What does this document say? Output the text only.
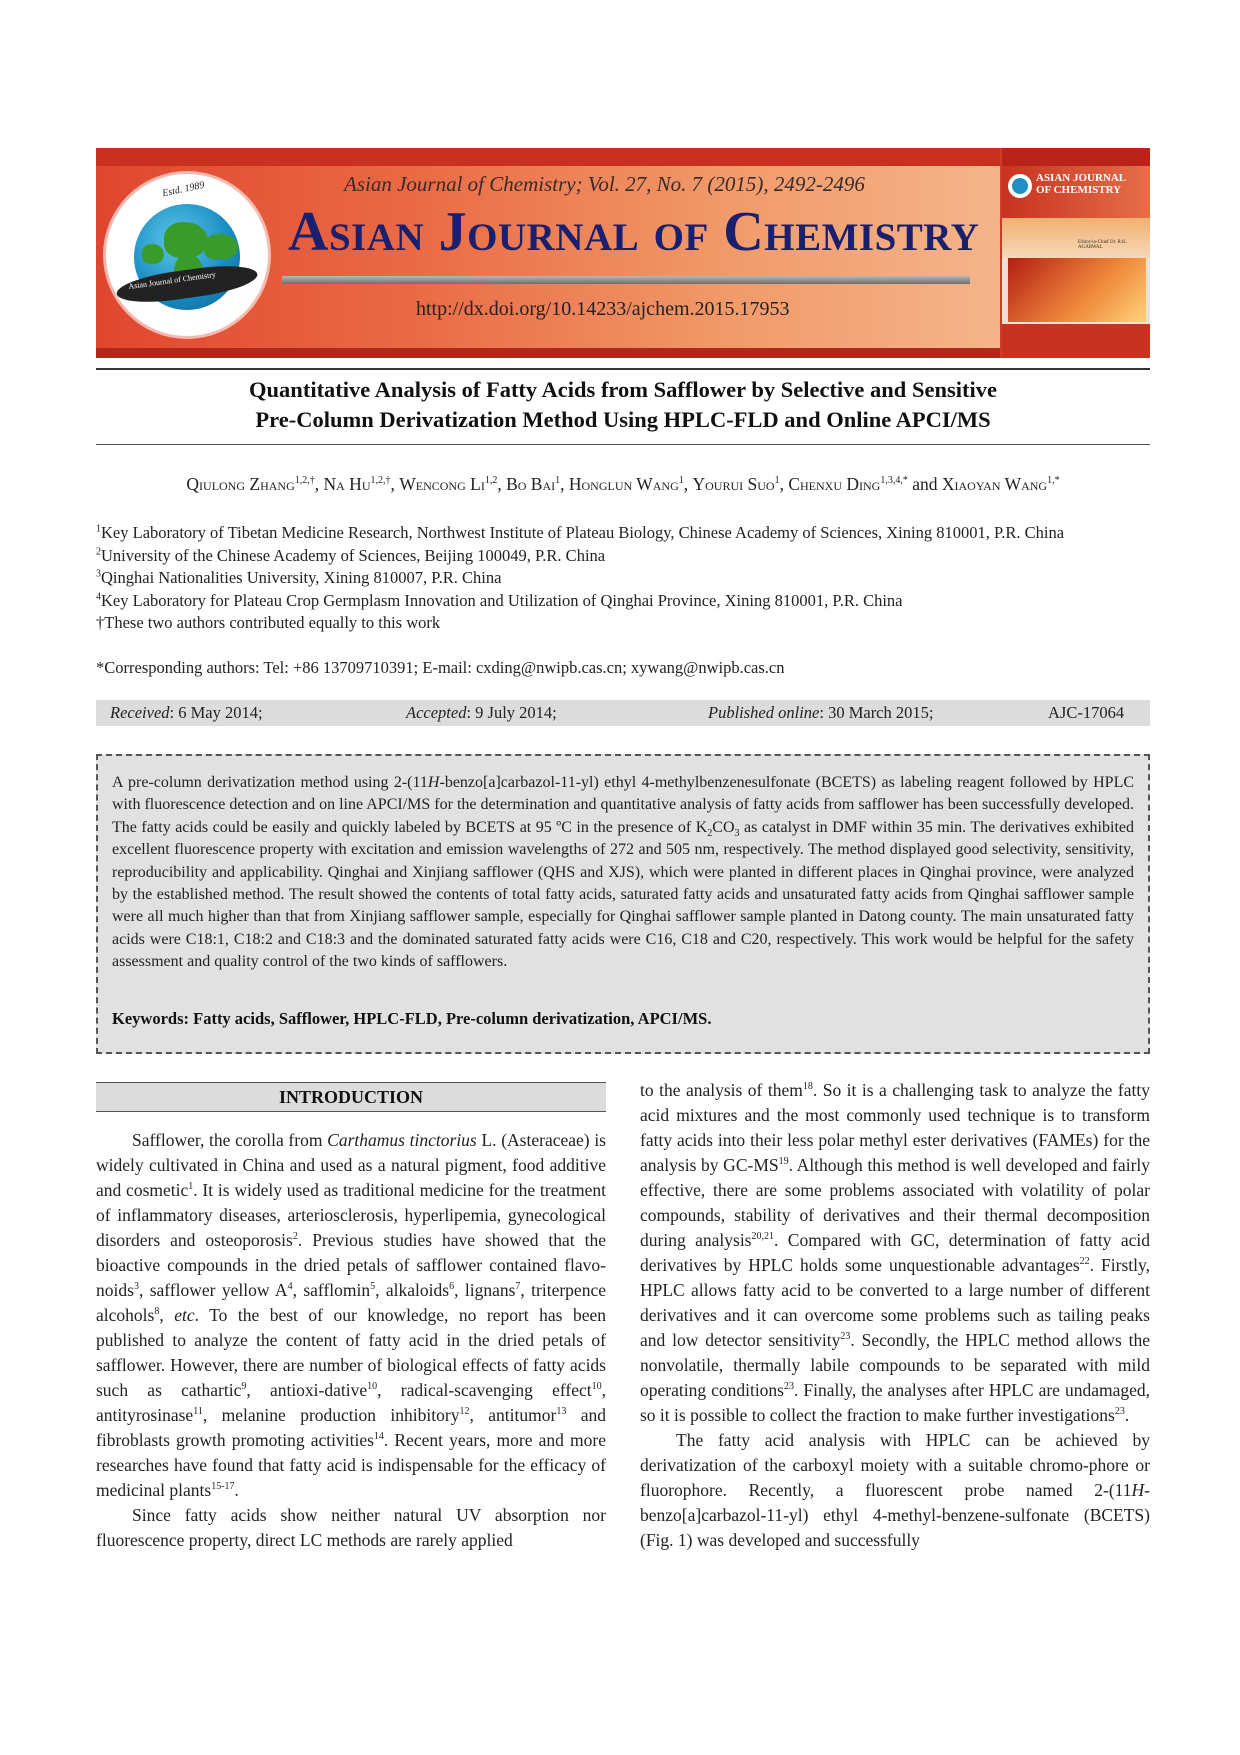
Estd. 1989
Asian Journal of Chemistry
Asian Journal of Chemistry; Vol. 27, No. 7 (2015), 2492-2496
Asian Journal of Chemistry
http://dx.doi.org/10.14233/ajchem.2015.17953
ASIAN JOURNAL
OF CHEMISTRY
Editor-in-Chief Dr. R.K. AGARWAL
Quantitative Analysis of Fatty Acids from Safflower by Selective and Sensitive
Pre-Column Derivatization Method Using HPLC-FLD and Online APCI/MS
Qiulong Zhang$^{1,2,\dagger}$, Na $Hu^{1,2,\dagger}$, Wencong Li$^{1,2}$, Bo Bai$^1$, Honglun Wang$^1$, Yourui Suo$^1$, Chenxu Ding$^{1,3,4,*}$ and Xiaoyan Wang$^{1,*}$
$^1$Key Laboratory of Tibetan Medicine Research, Northwest Institute of Plateau Biology, Chinese Academy of Sciences, Xining 810001, P.R. China
$^2$University of the Chinese Academy of Sciences, Beijing 100049, P.R. China
$^3$Qinghai Nationalities University, Xining 810007, P.R. China
$^4$Key Laboratory for Plateau Crop Germplasm Innovation and Utilization of Qinghai Province, Xining 810001, P.R. China
†These two authors contributed equally to this work
*Corresponding authors: Tel: +86 13709710391; E-mail: cxding@nwipb.cas.cn; xywang@nwipb.cas.cn
Received: 6 May 2014;	Accepted: 9 July 2014;	Published online: 30 March 2015;	AJC-17064
A pre-column derivatization method using 2-(11H-benzo[a]carbazol-11-yl) ethyl 4-methylbenzenesulfonate (BCETS) as labeling reagent followed by HPLC with fluorescence detection and on line APCI/MS for the determination and quantitative analysis of fatty acids from safflower has been successfully developed. The fatty acids could be easily and quickly labeled by BCETS at 95 ºC in the presence of $K_2CO_3$ as catalyst in DMF within 35 min. The derivatives exhibited excellent fluorescence property with excitation and emission wavelengths of 272 and 505 nm, respectively. The method displayed good selectivity, sensitivity, reproducibility and applicability. Qinghai and Xinjiang safflower (QHS and XJS), which were planted in different places in Qinghai province, were analyzed by the established method. The result showed the contents of total fatty acids, saturated fatty acids and unsaturated fatty acids from Qinghai safflower sample were all much higher than that from Xinjiang safflower sample, especially for Qinghai safflower sample planted in Datong county. The main unsaturated fatty acids were C18:1, C18:2 and C18:3 and the dominated saturated fatty acids were C16, C18 and C20, respectively. This work would be helpful for the safety assessment and quality control of the two kinds of safflowers.
Keywords: Fatty acids, Safflower, HPLC-FLD, Pre-column derivatization, APCI/MS.
INTRODUCTION

Safflower, the corolla from Carthamus tinctorius L. (Asteraceae) is widely cultivated in China and used as a natural pigment, food additive and cosmetic$^1$. It is widely used as traditional medicine for the treatment of inflammatory diseases, arteriosclerosis, hyperlipemia, gynecological disorders and osteoporosis$^2$. Previous studies have showed that the bioactive compounds in the dried petals of safflower contained flavo-noids$^3$, safflower yellow $A^4$, safflomin$^5$, alkaloids$^6$, lignans$^7$, triterpence alcohols$^8$, etc. To the best of our knowledge, no report has been published to analyze the content of fatty acid in the dried petals of safflower. However, there are number of biological effects of fatty acids such as cathartic$^9$, antioxi-dative$^{10}$, radical-scavenging effect$^{10}$, antityrosinase$^{11}$, melanine production inhibitory$^{12}$, antitumor$^{13}$ and fibroblasts growth promoting activities$^{14}$. Recent years, more and more researches have found that fatty acid is indispensable for the efficacy of medicinal plants$^{15-17}$.

Since fatty acids show neither natural UV absorption nor fluorescence property, direct LC methods are rarely applied

to the analysis of them$^{18}$. So it is a challenging task to analyze the fatty acid mixtures and the most commonly used technique is to transform fatty acids into their less polar methyl ester derivatives (FAMEs) for the analysis by GC-MS$^{19}$. Although this method is well developed and fairly effective, there are some problems associated with volatility of polar compounds, stability of derivatives and their thermal decomposition during analysis$^{20,21}$. Compared with GC, determination of fatty acid derivatives by HPLC holds some unquestionable advantages$^{22}$. Firstly, HPLC allows fatty acid to be converted to a large number of different derivatives and it can overcome some problems such as tailing peaks and low detector sensitivity$^{23}$. Secondly, the HPLC method allows the nonvolatile, thermally labile compounds to be separated with mild operating conditions$^{23}$. Finally, the analyses after HPLC are undamaged, so it is possible to collect the fraction to make further investigations$^{23}$.

The fatty acid analysis with HPLC can be achieved by derivatization of the carboxyl moiety with a suitable chromo-phore or fluorophore. Recently, a fluorescent probe named 2-(11H-benzo[a]carbazol-11-yl) ethyl 4-methyl-benzene-sulfonate (BCETS) (Fig. 1) was developed and successfully
